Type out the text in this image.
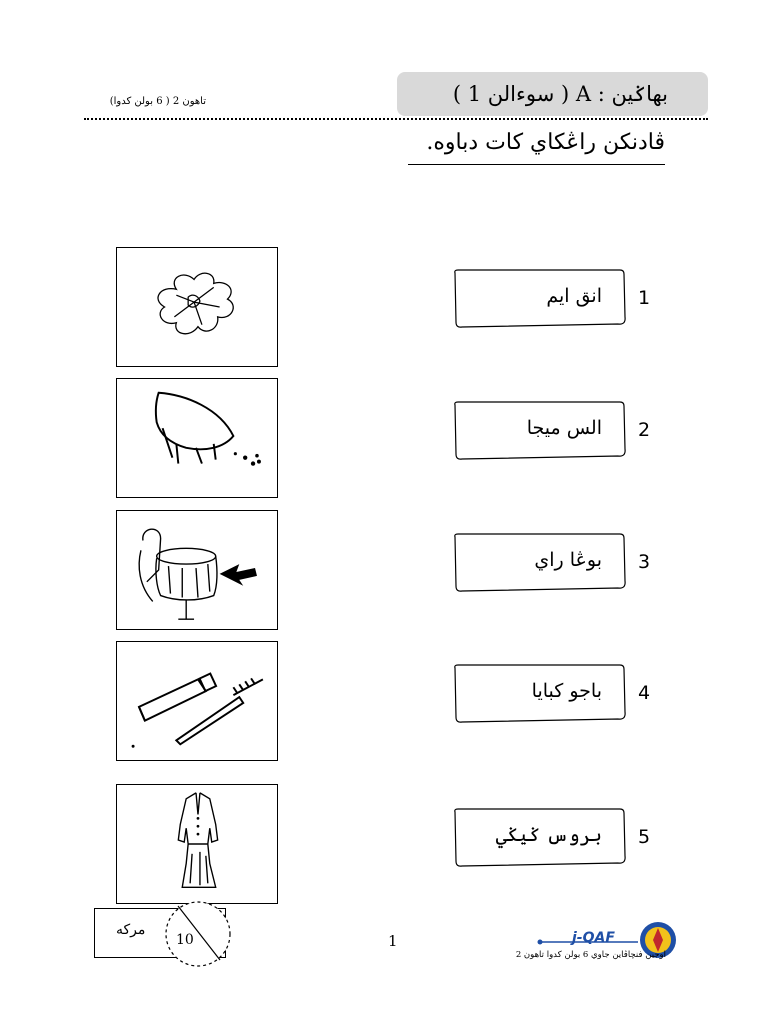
بهاݢين : A ( سوءالن 1 )
تاهون 2 ( 6 بولن كدوا)
ڤادنكن راڠكاي كات دباوه.
انق ايم 1
الس ميجا 2
بوڠا راي 3
باجو كبايا 4
بروس ݢيݢي 5
مركه
10	1	j-QAF
اوجين فنچاڤاين جاوي 6 بولن كدوا تاهون 2
